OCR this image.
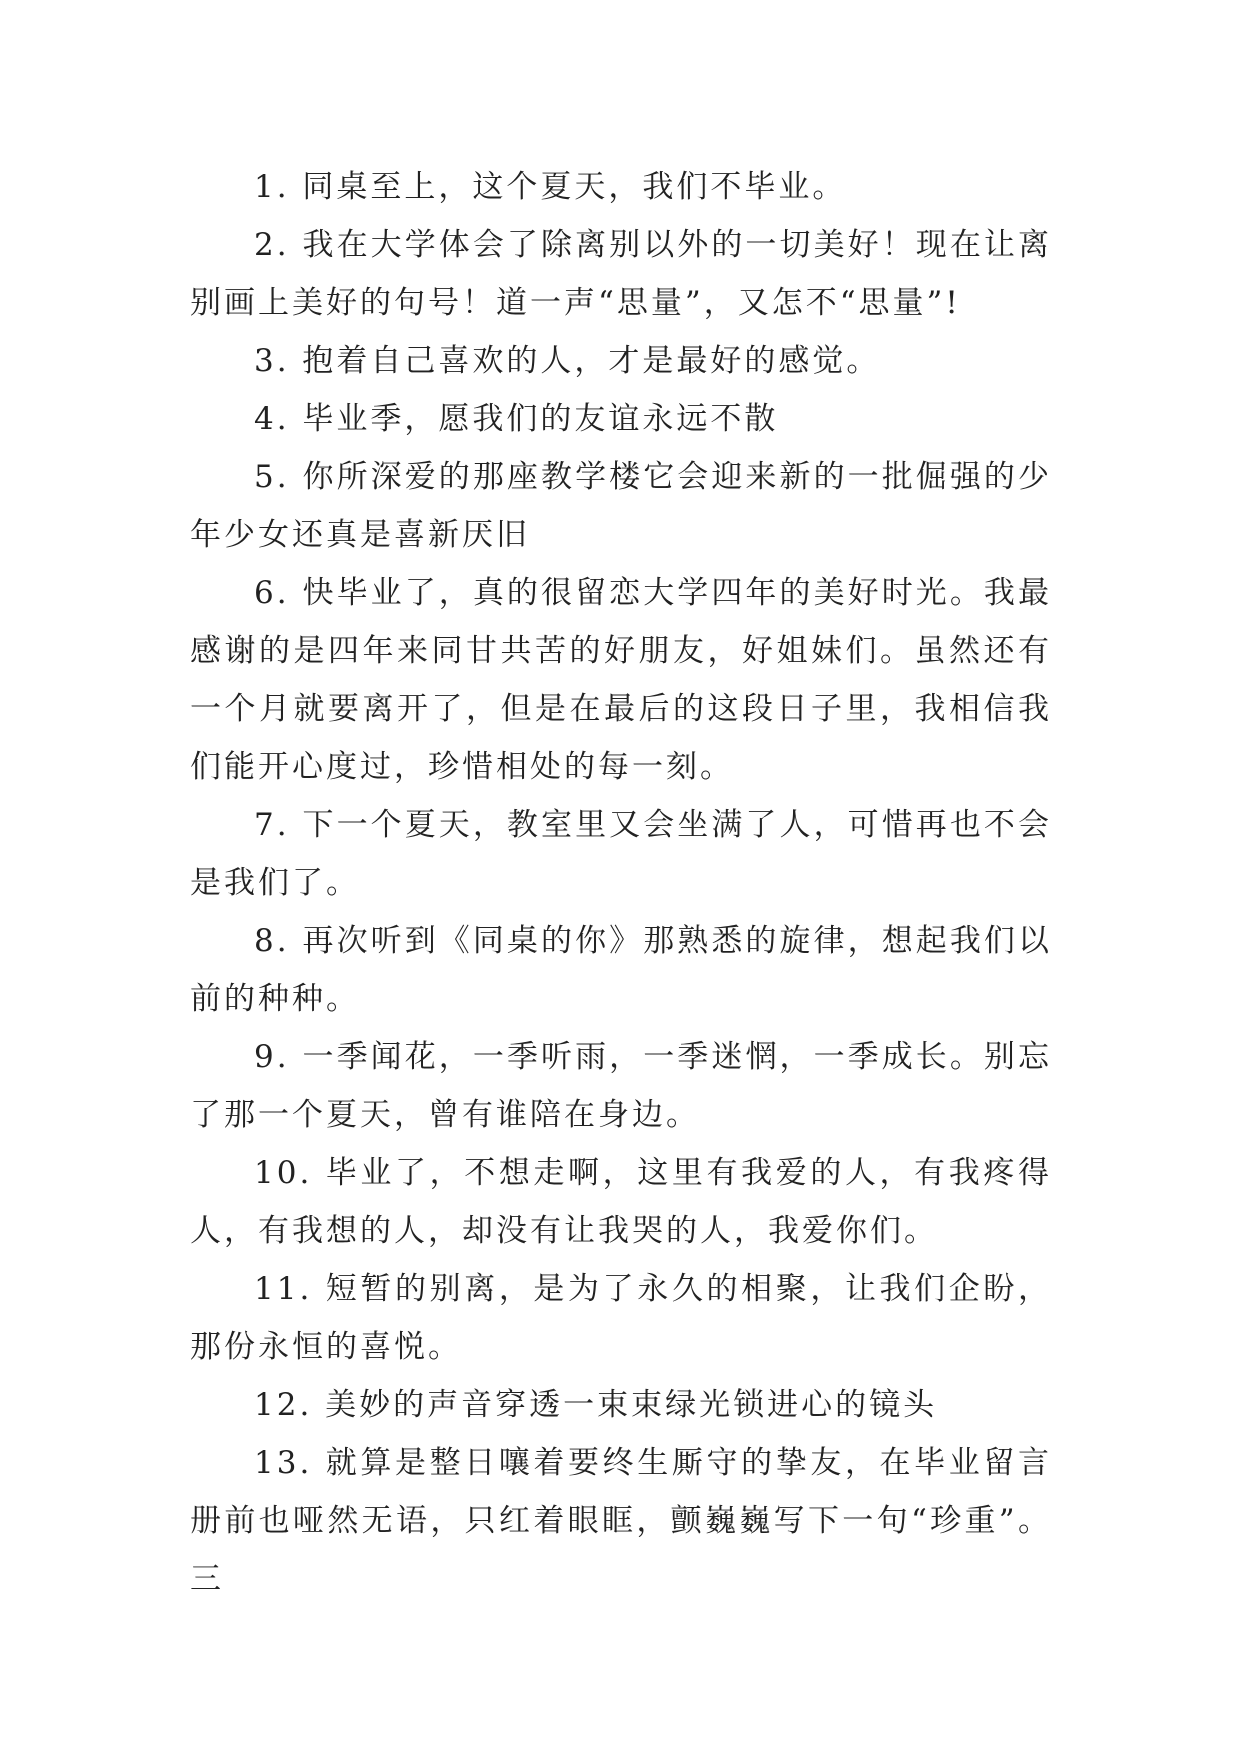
1. 同桌至上，这个夏天，我们不毕业。

2. 我在大学体会了除离别以外的一切美好！现在让离别画上美好的句号！道一声“思量”，又怎不“思量”!

3. 抱着自己喜欢的人，才是最好的感觉。

4. 毕业季，愿我们的友谊永远不散

5. 你所深爱的那座教学楼它会迎来新的一批倔强的少年少女还真是喜新厌旧

6. 快毕业了，真的很留恋大学四年的美好时光。我最感谢的是四年来同甘共苦的好朋友，好姐妹们。虽然还有一个月就要离开了，但是在最后的这段日子里，我相信我们能开心度过，珍惜相处的每一刻。

7. 下一个夏天，教室里又会坐满了人，可惜再也不会是我们了。

8. 再次听到《同桌的你》那熟悉的旋律，想起我们以前的种种。

9. 一季闻花，一季听雨，一季迷惘，一季成长。别忘了那一个夏天，曾有谁陪在身边。

10. 毕业了，不想走啊，这里有我爱的人，有我疼得人，有我想的人，却没有让我哭的人，我爱你们。

11. 短暂的别离，是为了永久的相聚，让我们企盼，那份永恒的喜悦。

12. 美妙的声音穿透一束束绿光锁进心的镜头

13. 就算是整日嚷着要终生厮守的挚友，在毕业留言册前也哑然无语，只红着眼眶，颤巍巍写下一句“珍重”。三
